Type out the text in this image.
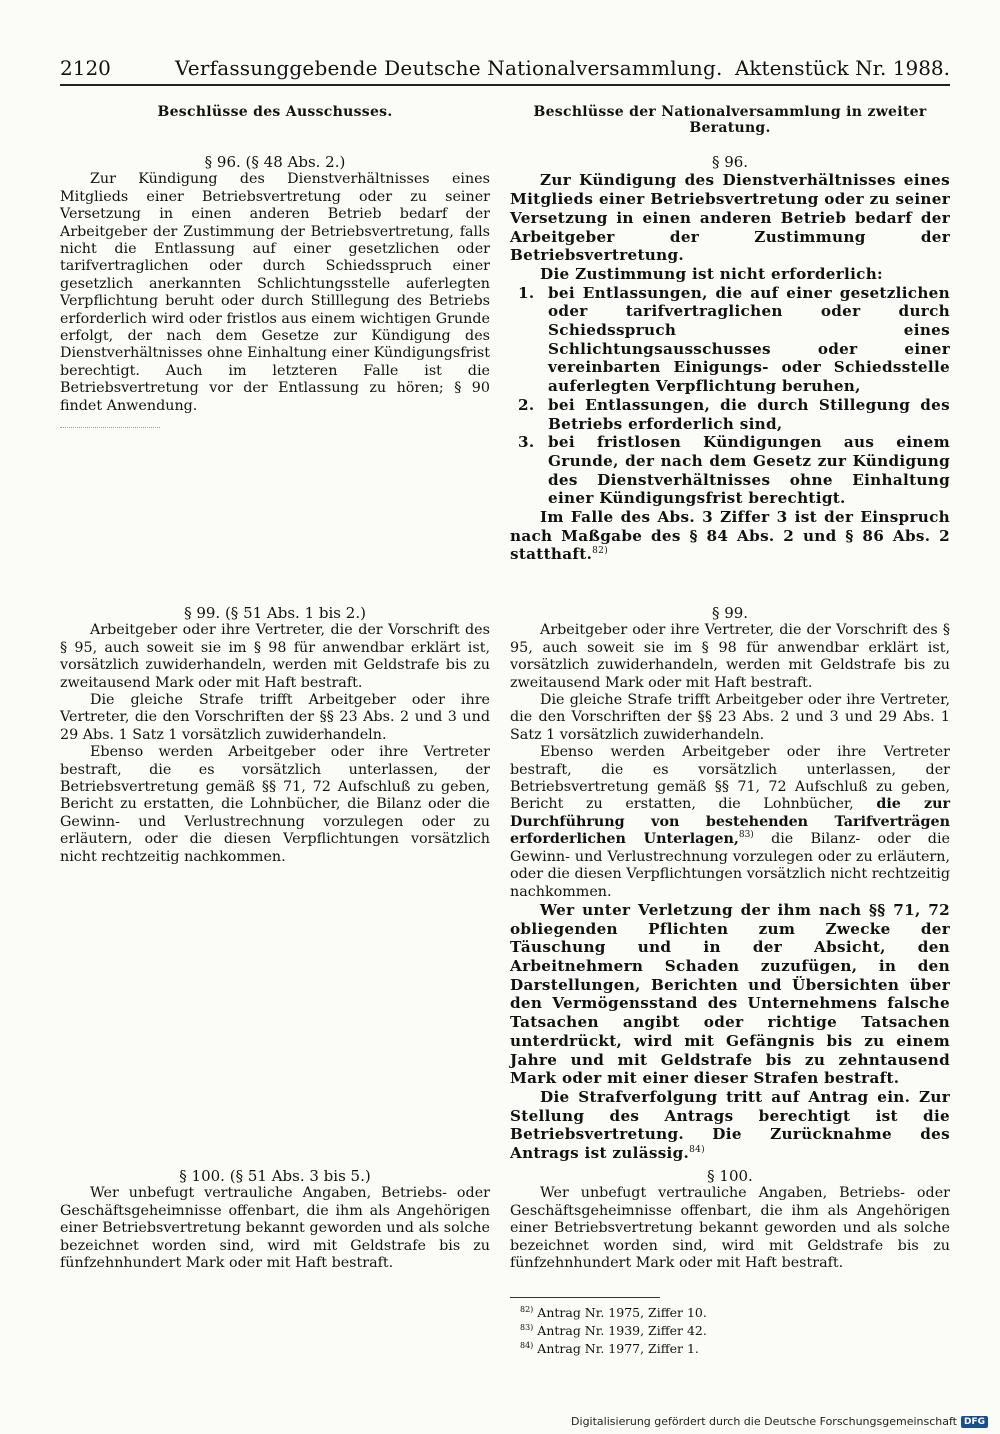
2120	Verfassunggebende Deutsche Nationalversammlung. Aktenstück Nr. 1988.
Beschlüsse des Ausschusses.	Beschlüsse der Nationalversammlung in zweiter Beratung.

§ 96. (§ 48 Abs. 2.)

Zur Kündigung des Dienstverhältnisses eines Mitglieds einer Betriebsvertretung oder zu seiner Versetzung in einen anderen Betrieb bedarf der Arbeitgeber der Zustimmung der Betriebsvertretung, falls nicht die Entlassung auf einer gesetzlichen oder tarifvertraglichen oder durch Schiedsspruch einer gesetzlich anerkannten Schlichtungsstelle auferlegten Verpflichtung beruht oder durch Stilllegung des Betriebs erforderlich wird oder fristlos aus einem wichtigen Grunde erfolgt, der nach dem Gesetze zur Kündigung des Dienstverhältnisses ohne Einhaltung einer Kündigungsfrist berechtigt. Auch im letzteren Falle ist die Betriebsvertretung vor der Entlassung zu hören; § 90 findet Anwendung.

§ 99. (§ 51 Abs. 1 bis 2.)

Arbeitgeber oder ihre Vertreter, die der Vorschrift des § 95, auch soweit sie im § 98 für anwendbar erklärt ist, vorsätzlich zuwiderhandeln, werden mit Geldstrafe bis zu zweitausend Mark oder mit Haft bestraft.

Die gleiche Strafe trifft Arbeitgeber oder ihre Vertreter, die den Vorschriften der §§ 23 Abs. 2 und 3 und 29 Abs. 1 Satz 1 vorsätzlich zuwiderhandeln.

Ebenso werden Arbeitgeber oder ihre Vertreter bestraft, die es vorsätzlich unterlassen, der Betriebsvertretung gemäß §§ 71, 72 Aufschluß zu geben, Bericht zu erstatten, die Lohnbücher, die Bilanz oder die Gewinn- und Verlustrechnung vorzulegen oder zu erläutern, oder die diesen Verpflichtungen vorsätzlich nicht rechtzeitig nachkommen.

§ 100. (§ 51 Abs. 3 bis 5.)

Wer unbefugt vertrauliche Angaben, Betriebs- oder Geschäftsgeheimnisse offenbart, die ihm als Angehörigen einer Betriebsvertretung bekannt geworden und als solche bezeichnet worden sind, wird mit Geldstrafe bis zu fünfzehnhundert Mark oder mit Haft bestraft.

§ 96.

Zur Kündigung des Dienstverhältnisses eines Mitglieds einer Betriebsvertretung oder zu seiner Versetzung in einen anderen Betrieb bedarf der Arbeitgeber der Zustimmung der Betriebsvertretung.

Die Zustimmung ist nicht erforderlich:

1. bei Entlassungen, die auf einer gesetzlichen oder tarifvertraglichen oder durch Schiedsspruch eines Schlichtungsausschusses oder einer vereinbarten Einigungs- oder Schiedsstelle auferlegten Verpflichtung beruhen,
2. bei Entlassungen, die durch Stillegung des Betriebs erforderlich sind,
3. bei fristlosen Kündigungen aus einem Grunde, der nach dem Gesetz zur Kündigung des Dienstverhältnisses ohne Einhaltung einer Kündigungsfrist berechtigt.

Im Falle des Abs. 3 Ziffer 3 ist der Einspruch nach Maßgabe des § 84 Abs. 2 und § 86 Abs. 2 statthaft.$^{82)}$

§ 99.

Arbeitgeber oder ihre Vertreter, die der Vorschrift des § 95, auch soweit sie im § 98 für anwendbar erklärt ist, vorsätzlich zuwiderhandeln, werden mit Geldstrafe bis zu zweitausend Mark oder mit Haft bestraft.

Die gleiche Strafe trifft Arbeitgeber oder ihre Vertreter, die den Vorschriften der §§ 23 Abs. 2 und 3 und 29 Abs. 1 Satz 1 vorsätzlich zuwiderhandeln.

Ebenso werden Arbeitgeber oder ihre Vertreter bestraft, die es vorsätzlich unterlassen, der Betriebsvertretung gemäß §§ 71, 72 Aufschluß zu geben, Bericht zu erstatten, die Lohnbücher, die zur Durchführung von bestehenden Tarifverträgen erforderlichen Unterlagen,$^{83)}$ die Bilanz- oder die Gewinn- und Verlustrechnung vorzulegen oder zu erläutern, oder die diesen Verpflichtungen vorsätzlich nicht rechtzeitig nachkommen.

Wer unter Verletzung der ihm nach §§ 71, 72 obliegenden Pflichten zum Zwecke der Täuschung und in der Absicht, den Arbeitnehmern Schaden zuzufügen, in den Darstellungen, Berichten und Übersichten über den Vermögensstand des Unternehmens falsche Tatsachen angibt oder richtige Tatsachen unterdrückt, wird mit Gefängnis bis zu einem Jahre und mit Geldstrafe bis zu zehntausend Mark oder mit einer dieser Strafen bestraft.

Die Strafverfolgung tritt auf Antrag ein. Zur Stellung des Antrags berechtigt ist die Betriebsvertretung. Die Zurücknahme des Antrags ist zulässig.$^{84)}$

§ 100.

Wer unbefugt vertrauliche Angaben, Betriebs- oder Geschäftsgeheimnisse offenbart, die ihm als Angehörigen einer Betriebsvertretung bekannt geworden und als solche bezeichnet worden sind, wird mit Geldstrafe bis zu fünfzehnhundert Mark oder mit Haft bestraft.

$^{82)}$ Antrag Nr. 1975, Ziffer 10.
$^{83)}$ Antrag Nr. 1939, Ziffer 42.
$^{84)}$ Antrag Nr. 1977, Ziffer 1.
Digitalisierung gefördert durch die Deutsche Forschungsgemeinschaft DFG
